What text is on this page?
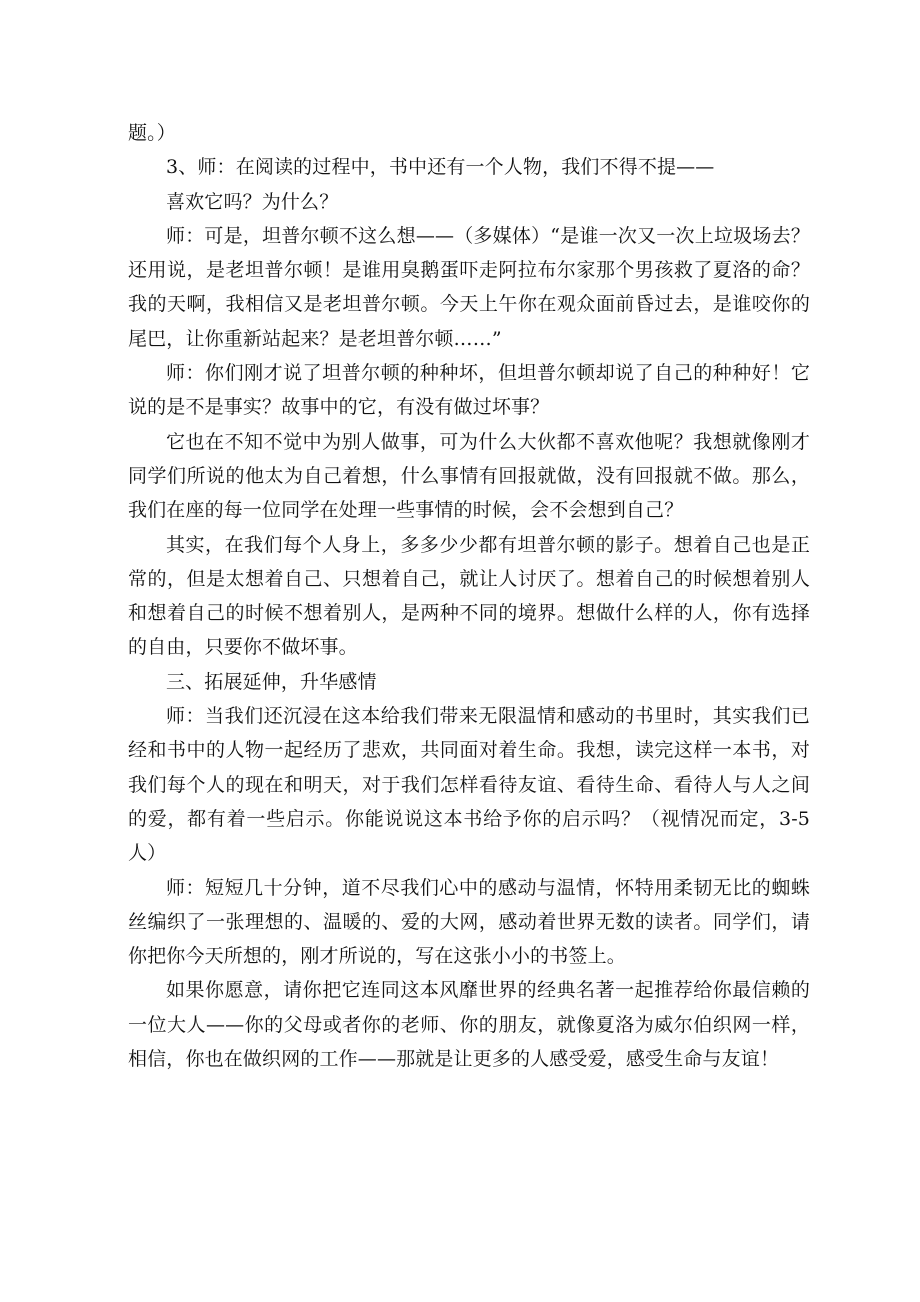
题。）

3、师：在阅读的过程中，书中还有一个人物，我们不得不提——

喜欢它吗？为什么？

师：可是，坦普尔顿不这么想——（多媒体）“是谁一次又一次上垃圾场去？还用说，是老坦普尔顿！是谁用臭鹅蛋吓走阿拉布尔家那个男孩救了夏洛的命？我的天啊，我相信又是老坦普尔顿。今天上午你在观众面前昏过去，是谁咬你的尾巴，让你重新站起来？是老坦普尔顿……”

师：你们刚才说了坦普尔顿的种种坏，但坦普尔顿却说了自己的种种好！它说的是不是事实？故事中的它，有没有做过坏事？

它也在不知不觉中为别人做事，可为什么大伙都不喜欢他呢？我想就像刚才同学们所说的他太为自己着想，什么事情有回报就做，没有回报就不做。那么，我们在座的每一位同学在处理一些事情的时候，会不会想到自己？

其实，在我们每个人身上，多多少少都有坦普尔顿的影子。想着自己也是正常的，但是太想着自己、只想着自己，就让人讨厌了。想着自己的时候想着别人和想着自己的时候不想着别人，是两种不同的境界。想做什么样的人，你有选择的自由，只要你不做坏事。

三、拓展延伸，升华感情

师：当我们还沉浸在这本给我们带来无限温情和感动的书里时，其实我们已经和书中的人物一起经历了悲欢，共同面对着生命。我想，读完这样一本书，对我们每个人的现在和明天，对于我们怎样看待友谊、看待生命、看待人与人之间的爱，都有着一些启示。你能说说这本书给予你的启示吗？（视情况而定，3-5 人）

师：短短几十分钟，道不尽我们心中的感动与温情，怀特用柔韧无比的蜘蛛丝编织了一张理想的、温暖的、爱的大网，感动着世界无数的读者。同学们，请你把你今天所想的，刚才所说的，写在这张小小的书签上。

如果你愿意，请你把它连同这本风靡世界的经典名著一起推荐给你最信赖的一位大人——你的父母或者你的老师、你的朋友，就像夏洛为威尔伯织网一样，相信，你也在做织网的工作——那就是让更多的人感受爱，感受生命与友谊！
